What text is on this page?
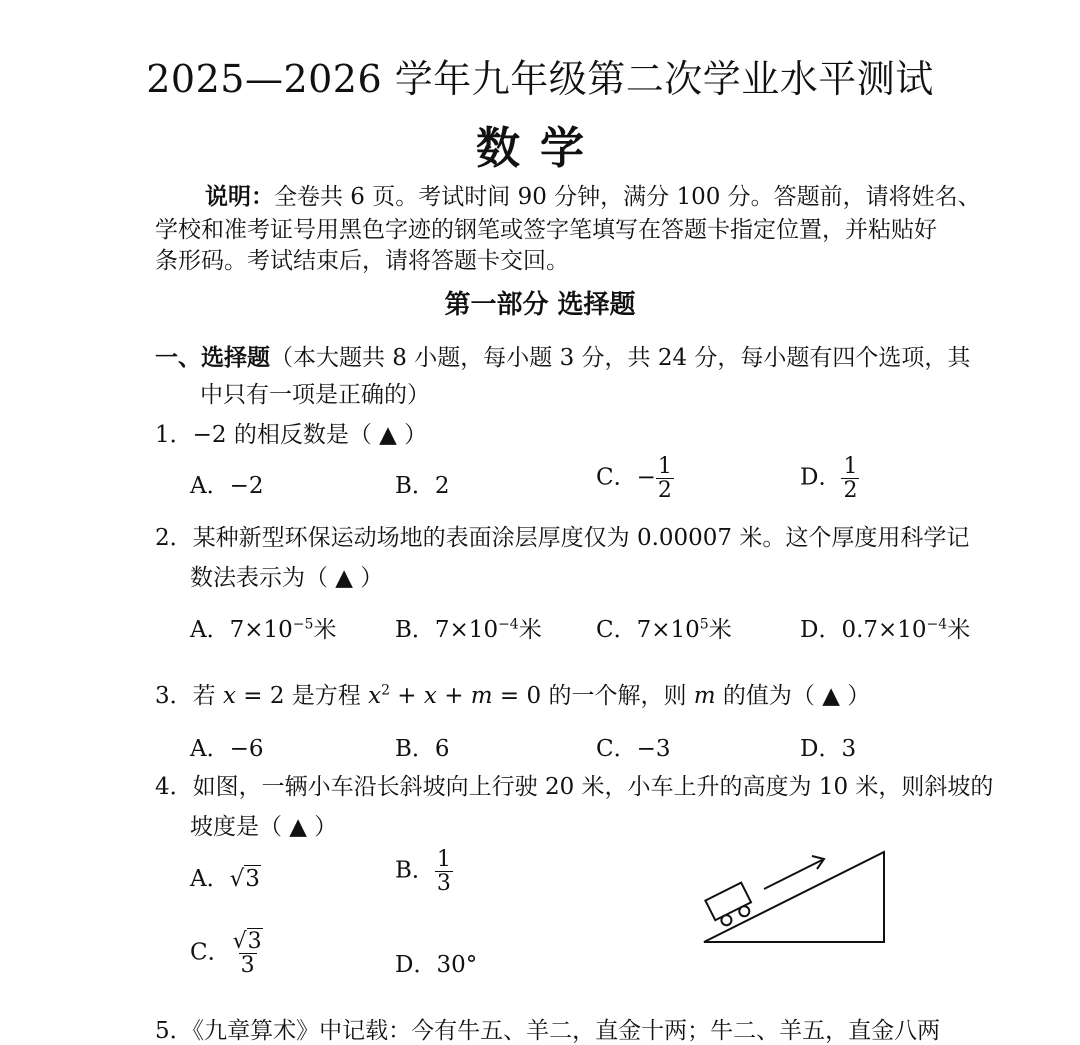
2025—2026 学年九年级第二次学业水平测试
数学
说明：全卷共 6 页。考试时间 90 分钟，满分 100 分。答题前，请将姓名、
学校和准考证号用黑色字迹的钢笔或签字笔填写在答题卡指定位置，并粘贴好
条形码。考试结束后，请将答题卡交回。
第一部分 选择题
一、选择题（本大题共 8 小题，每小题 3 分，共 24 分，每小题有四个选项，其
中只有一项是正确的）
1．−2 的相反数是（ ▲ ）
A．−2	B．2	C．− $\frac{1}{2}$	D． $\frac{1}{2}$
2．某种新型环保运动场地的表面涂层厚度仅为 0.00007 米。这个厚度用科学记
数法表示为（ ▲ ）
A．$7\times 10^{-5}$米	B．$7\times 10^{-4}$米 C．$7\times 10^5$米	D．$0.7\times 10^{-4}$米
3．若 x = 2 是方程 $x^2 + x + m = 0$ 的一个解，则 m 的值为（ ▲ ）
A．−6	B．6	C．−3	D．3
4．如图，一辆小车沿长斜坡向上行驶 20 米，小车上升的高度为 10 米，则斜坡的
坡度是（ ▲ ）
A．√3	B． $\frac{1}{3}$
C． $\frac{√3}{3}$	D．30°
5．《九章算术》中记载：今有牛五、羊二，直金十两；牛二、羊五，直金八两
